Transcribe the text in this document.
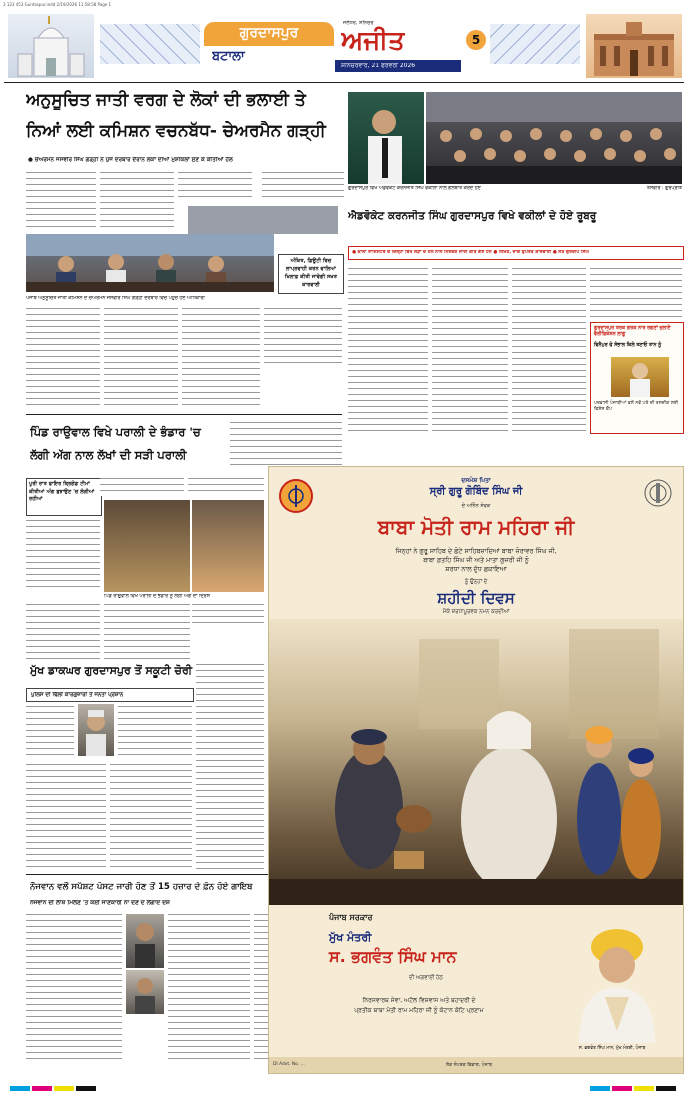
3 123 453 Gurdaspur.indd 2/19/2026 11:58:58 Page 1
ਗੁਰਦਾਸਪੁਰ
ਬਟਾਲਾ
ਜਲੰਧਰ, ਸ਼ਨਿਚਰ
ਅਜੀਤ
ਸ਼ਨਿਚਰਵਾਰ, 21 ਫਰਵਰੀ 2026
5
ਅਨੁਸੂਚਿਤ ਜਾਤੀ ਵਰਗ ਦੇ ਲੋਕਾਂ ਦੀ ਭਲਾਈ ਤੇ
ਨਿਆਂ ਲਈ ਕਮਿਸ਼ਨ ਵਚਨਬੱਧ- ਚੇਅਰਮੈਨ ਗੜ੍ਹੀ
● ਚੇਅਰਮੈਨ ਜਸਵੀਰ ਸਿੰਘ ਗੜ੍ਹੀ ਨੇ ਪੁੱਜੇ ਦਰਬਾਰ ਦੌਰਾਨ ਲੋਕਾਂ ਦੀਆਂ ਮੁਸ਼ਕਿਲਾਂ ਸੁਣ ਕੇ ਕੀਤੀਆਂ ਹੱਲ
ਅੰਕਿਤ, ਡਿਊਟੀ ਵਿਚ ਲਾਪ੍ਰਵਾਹੀ ਕਰਨ ਵਾਲਿਆਂ ਖ਼ਿਲਾਫ਼ ਕੀਤੀ ਜਾਵੇਗੀ ਸਖ਼ਤ ਕਾਰਵਾਈ
ਪੰਜਾਬ ਅਨੁਸੂਚਿਤ ਜਾਤੀ ਕਮਿਸ਼ਨ ਦੇ ਚੇਅਰਮੈਨ ਜਸਵੀਰ ਸਿੰਘ ਗੜ੍ਹੀ ਦਰਬਾਰ ਵਿਚ ਪਹੁੰਚੇ ਹੋਏ ਅਧਿਕਾਰੀ
ਪਿੰਡ ਰਾਉਵਾਲ ਵਿਖੇ ਪਰਾਲੀ ਦੇ ਭੰਡਾਰ 'ਚ
ਲੱਗੀ ਅੱਗ ਨਾਲ ਲੱਖਾਂ ਦੀ ਸੜੀ ਪਰਾਲੀ
ਪੂਰੀ ਰਾਤ ਫਾਇਰ ਬ੍ਰਿਗੇਡ ਟੀਮਾਂ ਕੀਤੀਆਂ ਅੱਗ ਬੁਝਾਉਣ 'ਚ ਲੱਗੀਆਂ ਰਹੀਆਂ
ਪਿੰਡ ਰਾਉਵਾਲ ਵਿਖੇ ਪਰਾਲੀ ਦੇ ਭੰਡਾਰ ਨੂੰ ਲੱਗੀ ਅੱਗ ਦਾ ਦ੍ਰਿਸ਼
ਮੁੱਖ ਡਾਕਘਰ ਗੁਰਦਾਸਪੁਰ ਤੋਂ ਸਕੂਟੀ ਚੋਰੀ
ਪੁਲਿਸ ਦੀ ਢਿੱਲੀ ਕਾਰਗੁਜ਼ਾਰੀ ਤੋਂ ਜਨਤਾ ਪ੍ਰੇਸ਼ਾਨ
ਨੌਜਵਾਨ ਵਲੋਂ ਸਪੱਸ਼ਟ ਪੋਸਟ ਜਾਰੀ ਹੋਣ ਤੋਂ 15 ਹਜ਼ਾਰ ਦੇ ਫ਼ੋਨ ਹੋਏ ਗਾਇਬ
ਨੌਜਵਾਨ ਦੀ ਲਾਸ਼ ਮਿਲਣ 'ਤੇ ਕੋਈ ਜਾਣਕਾਰੀ ਨਾ ਦੇਣ ਦੇ ਲਗਾਏ ਦੋਸ਼
ਗੁਰਦਾਸਪੁਰ ਵਿਖੇ ਐਡਵੋਕੇਟ ਕਰਨਜੀਤ ਸਿੰਘ ਵਕੀਲਾਂ ਨਾਲ ਗੱਲਬਾਤ ਕਰਦੇ ਹੋਏ	ਤਸਵੀਰ : ਗੁਰਪ੍ਰੀਤ
ਐਡਵੋਕੇਟ ਕਰਨਜੀਤ ਸਿੰਘ ਗੁਰਦਾਸਪੁਰ ਵਿਖੇ ਵਕੀਲਾਂ ਦੇ ਹੋਏ ਰੂਬਰੂ
● ਕਾਲਾ ਰਾਜਿਸਟਰ ਦੇ ਜ਼ਿਲ੍ਹਾ ਵਿਖੇ ਲੋੜਾਂ ਦੇ ਹੱਲ ਨਾਲ ਨਿਰਦੇਸ਼ ਜਾਰੀ ਕੀਤੇ ਗਏ ਹਨ ● ਲਿਖਤ, ਜਾਂਚ ਉਪਰੰਤ ਕਾਰਵਾਈ ● ਸਤ ਗੁਰਦੀਪ ਸਿੰਘ
ਗੁਰਦਾਸਪੁਰ ਤਰਕ ਗਰਕ ਨਾਰ ਰਗਣਾਂ ਜੁਲਾਏ ਵੈਰੀਫਿਕੇਸ਼ਨ ਲਾਗੂ
ਵਿਨੈਪੁਰ ਫੇ ਸੰਭਾਲ ਕਿਲੇ ਤਣਾਓ ਤਾਨ ਨੂੰ
ਪਰਵਾਸੀ ਪੰਜਾਬੀਆਂ ਵਲੋਂ ਨਵੇਂ ਪਤੇ ਦੀ ਤਸਦੀਕ ਲਈ ਵਿਸ਼ੇਸ਼ ਕੈਂਪ
ਦਸਮੇਸ਼ ਪਿਤਾ
ਸ੍ਰੀ ਗੁਰੂ ਗੋਬਿੰਦ ਸਿੰਘ ਜੀ
ਦੇ ਅਨਿੰਨ ਸੇਵਕ
ਬਾਬਾ ਮੋਤੀ ਰਾਮ ਮਹਿਰਾ ਜੀ
ਜਿਨ੍ਹਾਂ ਨੇ ਗੁਰੂ ਸਾਹਿਬ ਦੇ ਛੋਟੇ ਸਾਹਿਬਜ਼ਾਦਿਆਂ ਬਾਬਾ ਜ਼ੋਰਾਵਰ ਸਿੰਘ ਜੀ,
ਬਾਬਾ ਫ਼ਤਹਿ ਸਿੰਘ ਜੀ ਅਤੇ ਮਾਤਾ ਗੁਜਰੀ ਜੀ ਨੂੰ
ਸ਼ਰਧਾ ਨਾਲ ਦੁੱਧ ਛਕਾਇਆ
ਨੂੰ ਉਨ੍ਹਾਂ ਦੇ
ਸ਼ਹੀਦੀ ਦਿਵਸ
ਮੌਕੇ ਸ਼ਰਧਾਪੂਰਵਕ ਨਮਨ ਕਰਦੀਆਂ
ਪੰਜਾਬ ਸਰਕਾਰ
ਮੁੱਖ ਮੰਤਰੀ
ਸ. ਭਗਵੰਤ ਸਿੰਘ ਮਾਨ
ਦੀ ਅਗਵਾਈ ਹੇਠ
ਨਿਰਸਵਾਰਥ ਸੇਵਾ, ਅਟੱਲ ਵਿਸ਼ਵਾਸ ਅਤੇ ਬਹਾਦਰੀ ਦੇ
ਪ੍ਰਤੀਕ ਬਾਬਾ ਮੋਤੀ ਰਾਮ ਮਹਿਰਾ ਜੀ ਨੂੰ ਕੋਟਾਨ ਕੋਟਿ ਪ੍ਰਣਾਮ
ਸ. ਭਗਵੰਤ ਸਿੰਘ ਮਾਨ, ਮੁੱਖ ਮੰਤਰੀ, ਪੰਜਾਬ
DI Advt. No. ...	ਲੋਕ ਸੰਪਰਕ ਵਿਭਾਗ, ਪੰਜਾਬ
